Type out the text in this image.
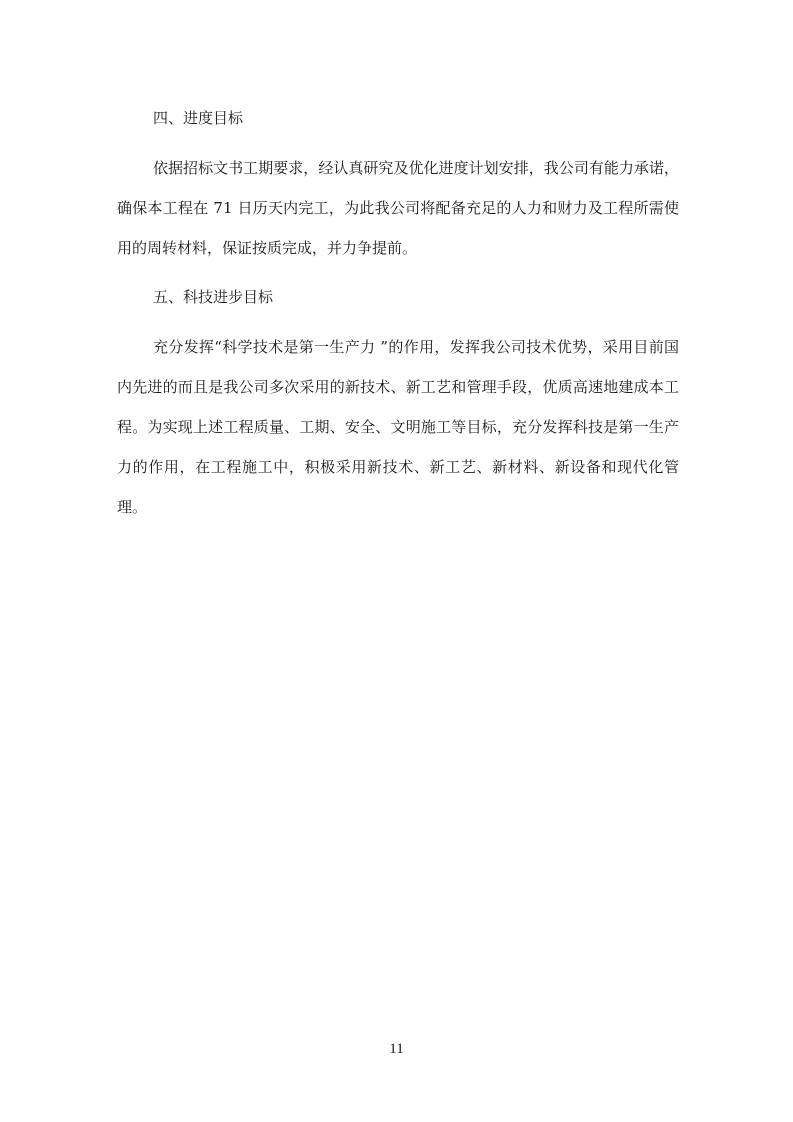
四、进度目标

依据招标文书工期要求，经认真研究及优化进度计划安排，我公司有能力承诺，确保本工程在 71 日历天内完工，为此我公司将配备充足的人力和财力及工程所需使用的周转材料，保证按质完成，并力争提前。

五、科技进步目标

充分发挥“科学技术是第一生产力 ”的作用，发挥我公司技术优势，采用目前国内先进的而且是我公司多次采用的新技术、新工艺和管理手段，优质高速地建成本工程。为实现上述工程质量、工期、安全、文明施工等目标，充分发挥科技是第一生产力的作用，在工程施工中，积极采用新技术、新工艺、新材料、新设备和现代化管理。

11
